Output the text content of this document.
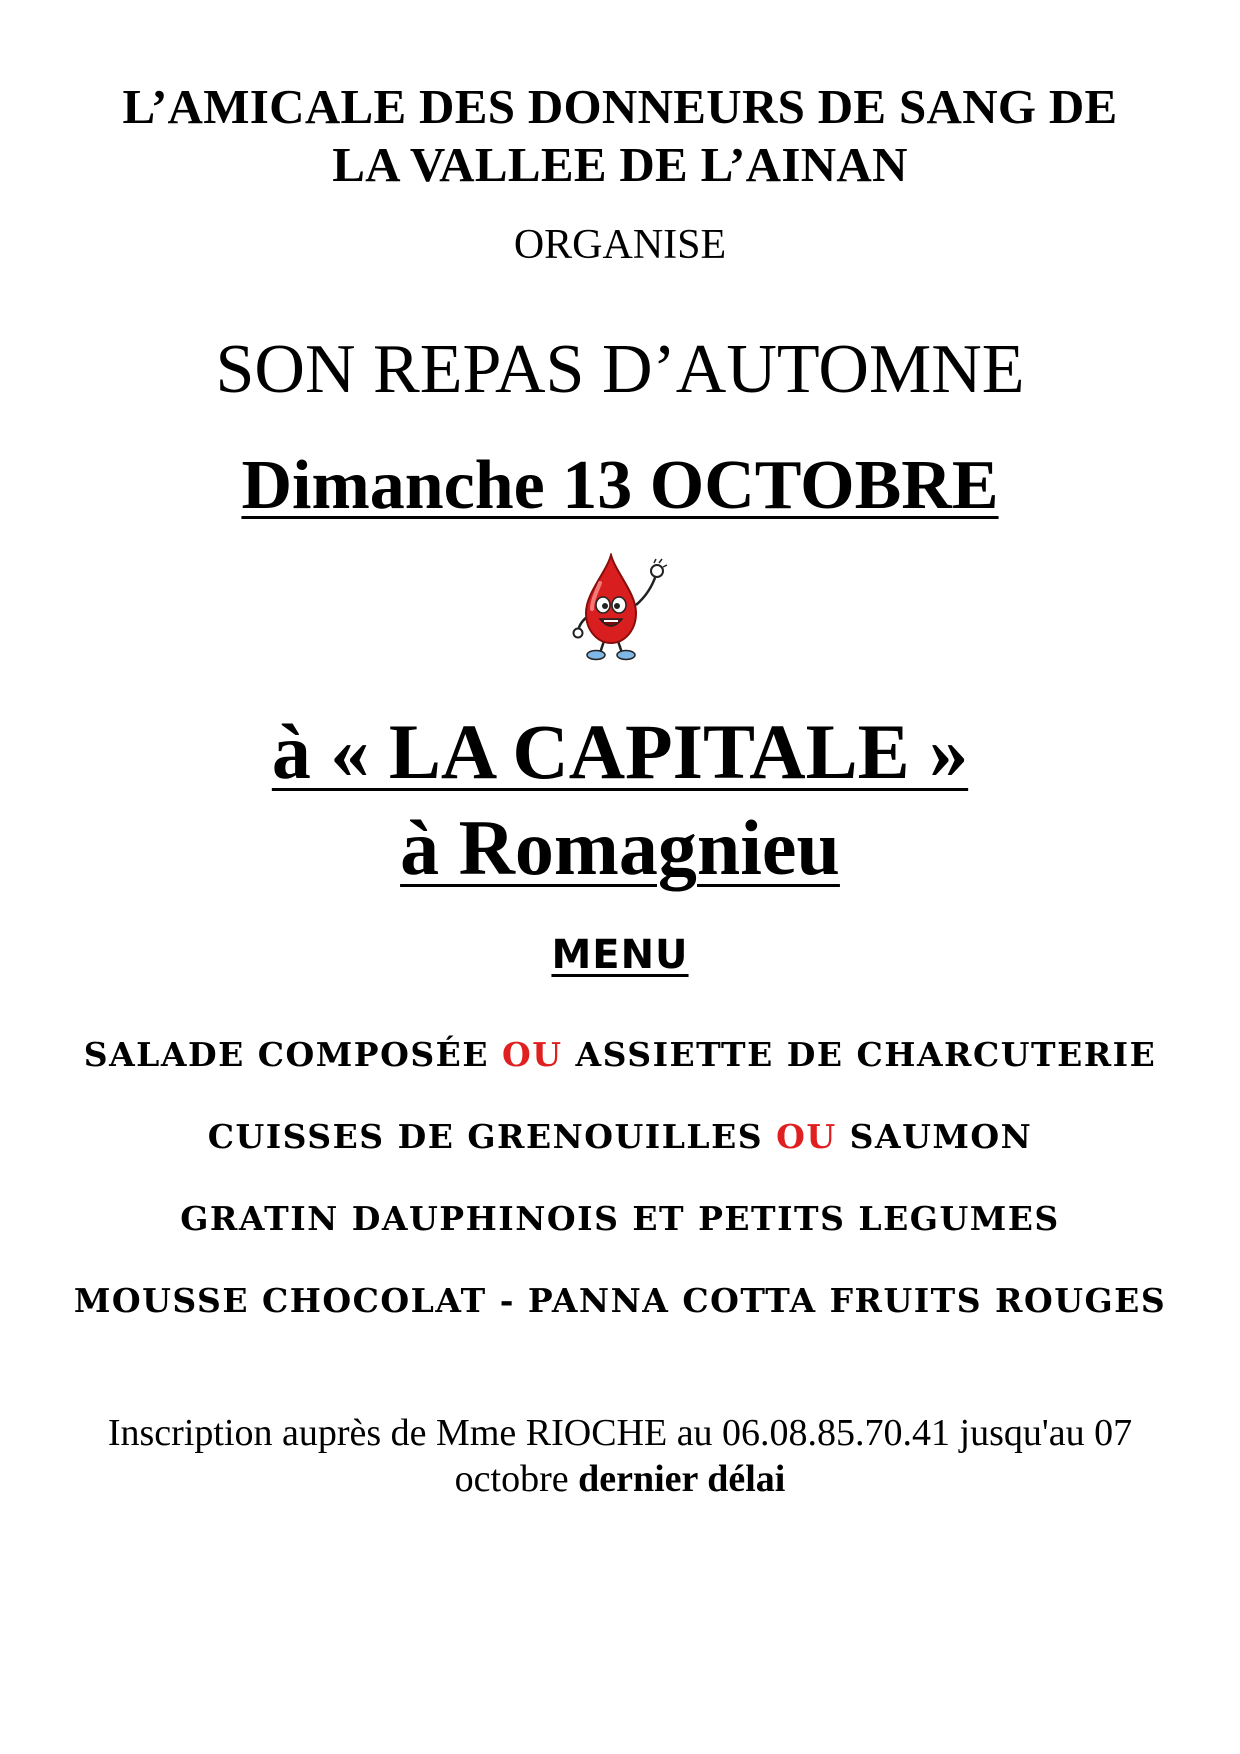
L’AMICALE DES DONNEURS DE SANG DE
LA VALLEE DE L’AINAN
ORGANISE
SON REPAS D’AUTOMNE
Dimanche 13 OCTOBRE
à « LA CAPITALE »
à Romagnieu
MENU
SALADE COMPOSÉE OU ASSIETTE DE CHARCUTERIE
CUISSES DE GRENOUILLES OU SAUMON
GRATIN DAUPHINOIS ET PETITS LEGUMES
MOUSSE CHOCOLAT - PANNA COTTA FRUITS ROUGES
Inscription auprès de Mme RIOCHE au 06.08.85.70.41 jusqu'au 07
octobre dernier délai
